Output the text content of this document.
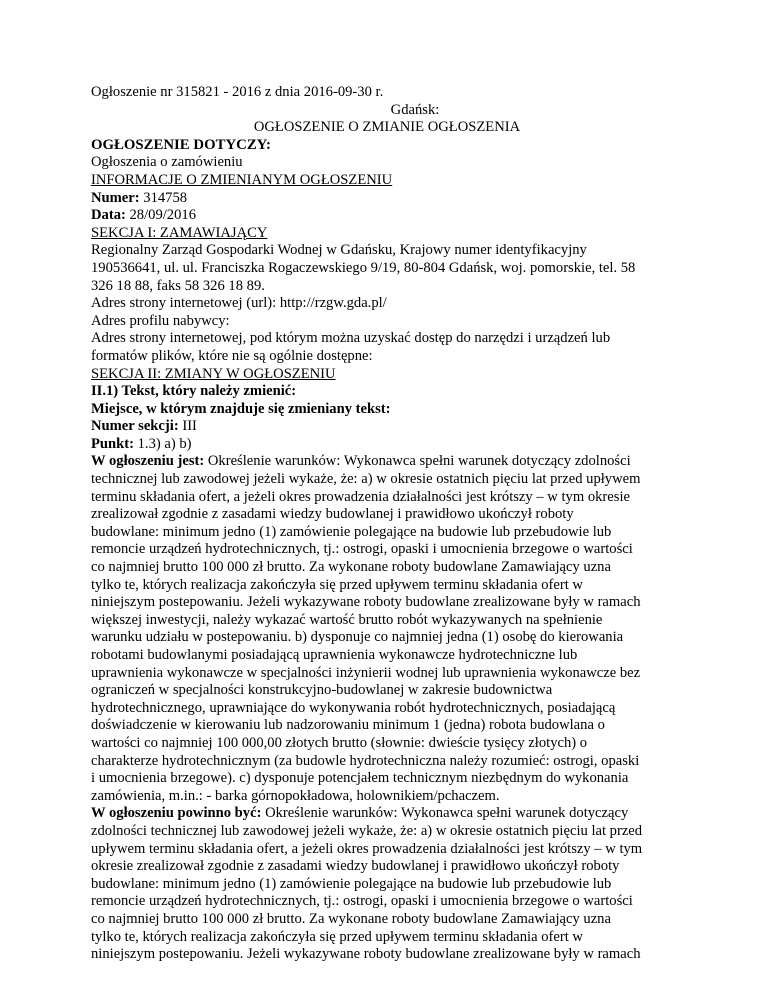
Ogłoszenie nr 315821 - 2016 z dnia 2016-09-30 r.
Gdańsk:
OGŁOSZENIE O ZMIANIE OGŁOSZENIA
OGŁOSZENIE DOTYCZY:
Ogłoszenia o zamówieniu
INFORMACJE O ZMIENIANYM OGŁOSZENIU
Numer: 314758
Data: 28/09/2016
SEKCJA I: ZAMAWIAJĄCY
Regionalny Zarząd Gospodarki Wodnej w Gdańsku, Krajowy numer identyfikacyjny
190536641, ul. ul. Franciszka Rogaczewskiego 9/19, 80-804 Gdańsk, woj. pomorskie, tel. 58
326 18 88, faks 58 326 18 89.
Adres strony internetowej (url): http://rzgw.gda.pl/
Adres profilu nabywcy:
Adres strony internetowej, pod którym można uzyskać dostęp do narzędzi i urządzeń lub
formatów plików, które nie są ogólnie dostępne:
SEKCJA II: ZMIANY W OGŁOSZENIU
II.1) Tekst, który należy zmienić:
Miejsce, w którym znajduje się zmieniany tekst:
Numer sekcji: III
Punkt: 1.3) a) b)
W ogłoszeniu jest: Określenie warunków: Wykonawca spełni warunek dotyczący zdolności
technicznej lub zawodowej jeżeli wykaże, że: a) w okresie ostatnich pięciu lat przed upływem
terminu składania ofert, a jeżeli okres prowadzenia działalności jest krótszy – w tym okresie
zrealizował zgodnie z zasadami wiedzy budowlanej i prawidłowo ukończył roboty
budowlane: minimum jedno (1) zamówienie polegające na budowie lub przebudowie lub
remoncie urządzeń hydrotechnicznych, tj.: ostrogi, opaski i umocnienia brzegowe o wartości
co najmniej brutto 100 000 zł brutto. Za wykonane roboty budowlane Zamawiający uzna
tylko te, których realizacja zakończyła się przed upływem terminu składania ofert w
niniejszym postepowaniu. Jeżeli wykazywane roboty budowlane zrealizowane były w ramach
większej inwestycji, należy wykazać wartość brutto robót wykazywanych na spełnienie
warunku udziału w postepowaniu. b) dysponuje co najmniej jedna (1) osobę do kierowania
robotami budowlanymi posiadającą uprawnienia wykonawcze hydrotechniczne lub
uprawnienia wykonawcze w specjalności inżynierii wodnej lub uprawnienia wykonawcze bez
ograniczeń w specjalności konstrukcyjno-budowlanej w zakresie budownictwa
hydrotechnicznego, uprawniające do wykonywania robót hydrotechnicznych, posiadającą
doświadczenie w kierowaniu lub nadzorowaniu minimum 1 (jedna) robota budowlana o
wartości co najmniej 100 000,00 złotych brutto (słownie: dwieście tysięcy złotych) o
charakterze hydrotechnicznym (za budowle hydrotechniczna należy rozumieć: ostrogi, opaski
i umocnienia brzegowe). c) dysponuje potencjałem technicznym niezbędnym do wykonania
zamówienia, m.in.: - barka górnopokładowa, holownikiem/pchaczem.
W ogłoszeniu powinno być: Określenie warunków: Wykonawca spełni warunek dotyczący
zdolności technicznej lub zawodowej jeżeli wykaże, że: a) w okresie ostatnich pięciu lat przed
upływem terminu składania ofert, a jeżeli okres prowadzenia działalności jest krótszy – w tym
okresie zrealizował zgodnie z zasadami wiedzy budowlanej i prawidłowo ukończył roboty
budowlane: minimum jedno (1) zamówienie polegające na budowie lub przebudowie lub
remoncie urządzeń hydrotechnicznych, tj.: ostrogi, opaski i umocnienia brzegowe o wartości
co najmniej brutto 100 000 zł brutto. Za wykonane roboty budowlane Zamawiający uzna
tylko te, których realizacja zakończyła się przed upływem terminu składania ofert w
niniejszym postepowaniu. Jeżeli wykazywane roboty budowlane zrealizowane były w ramach
